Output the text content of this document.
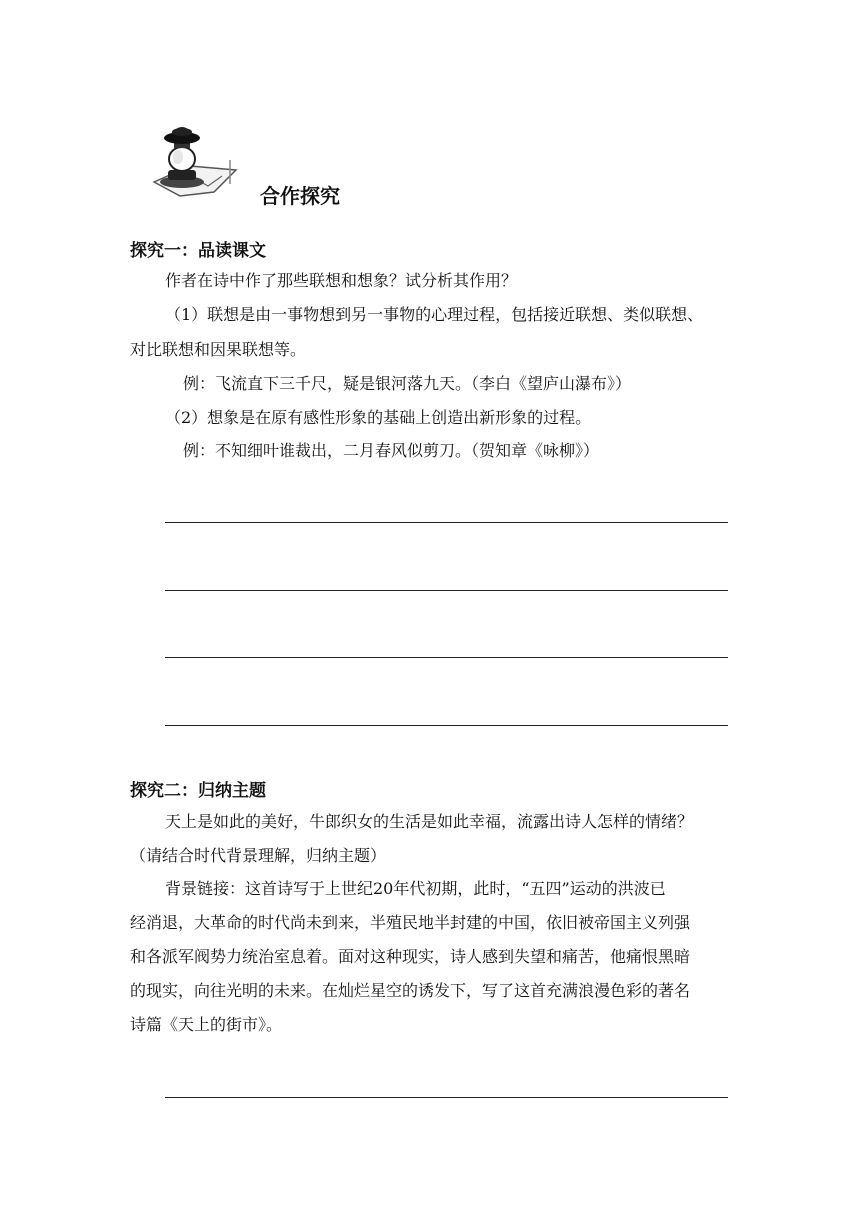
合作探究
探究一：品读课文
作者在诗中作了那些联想和想象？试分析其作用？
（1）联想是由一事物想到另一事物的心理过程，包括接近联想、类似联想、
对比联想和因果联想等。
例：飞流直下三千尺，疑是银河落九天。（李白《望庐山瀑布》）
（2）想象是在原有感性形象的基础上创造出新形象的过程。
例：不知细叶谁裁出，二月春风似剪刀。（贺知章《咏柳》）
探究二：归纳主题
天上是如此的美好，牛郎织女的生活是如此幸福，流露出诗人怎样的情绪？
（请结合时代背景理解，归纳主题）
背景链接：这首诗写于上世纪20年代初期，此时，“五四”运动的洪波已
经消退，大革命的时代尚未到来，半殖民地半封建的中国，依旧被帝国主义列强
和各派军阀势力统治室息着。面对这种现实，诗人感到失望和痛苦，他痛恨黑暗
的现实，向往光明的未来。在灿烂星空的诱发下，写了这首充满浪漫色彩的著名
诗篇《天上的街市》。
